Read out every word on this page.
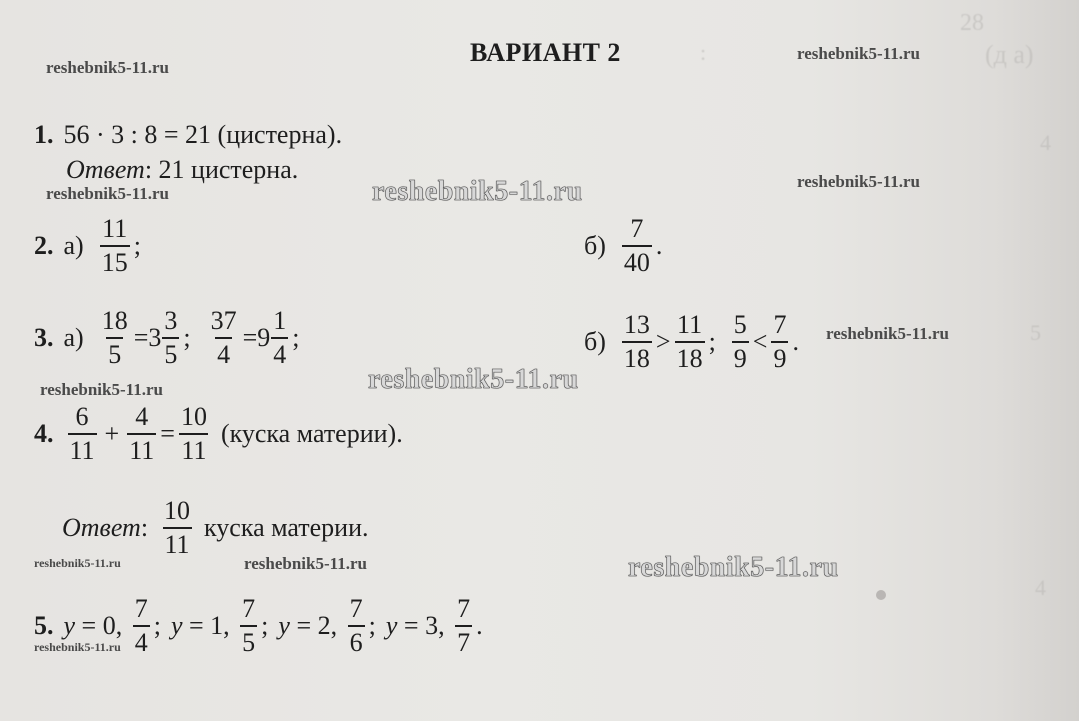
(д а)
28
:
4
5
4
ВАРИАНТ 2
reshebnik5-11.ru
reshebnik5-11.ru
reshebnik5-11.ru
reshebnik5-11.ru
reshebnik5-11.ru
reshebnik5-11.ru
reshebnik5-11.ru
reshebnik5-11.ru
reshebnik5-11.ru
reshebnik5-11.ru
reshebnik5-11.ru
reshebnik5-11.ru
1. 56 · 3 : 8 = 21 (цистерна).
Ответ : 21 цистерна.
2. $а) \frac{11}{15}$ ;	$б) \frac{7}{40}$ .
3. $а) \frac{18}{5} = 3 \frac{3}{5}$ ; $\frac{37}{4} = 9 \frac{1}{4}$ ;	$б) \frac{13}{18} > \frac{11}{18}$ ; $\frac{5}{9} < \frac{7}{9}$ .
4. $\frac{6}{11} + \frac{4}{11} = \frac{10}{11}$ (куска материи).
Ответ : $\frac{10}{11}$ куска материи.
5. y = 0, $\frac{7}{4}$ ; y = 1, $\frac{7}{5}$ ; y = 2, $\frac{7}{6}$ ; y = 3, $\frac{7}{7}$ .
